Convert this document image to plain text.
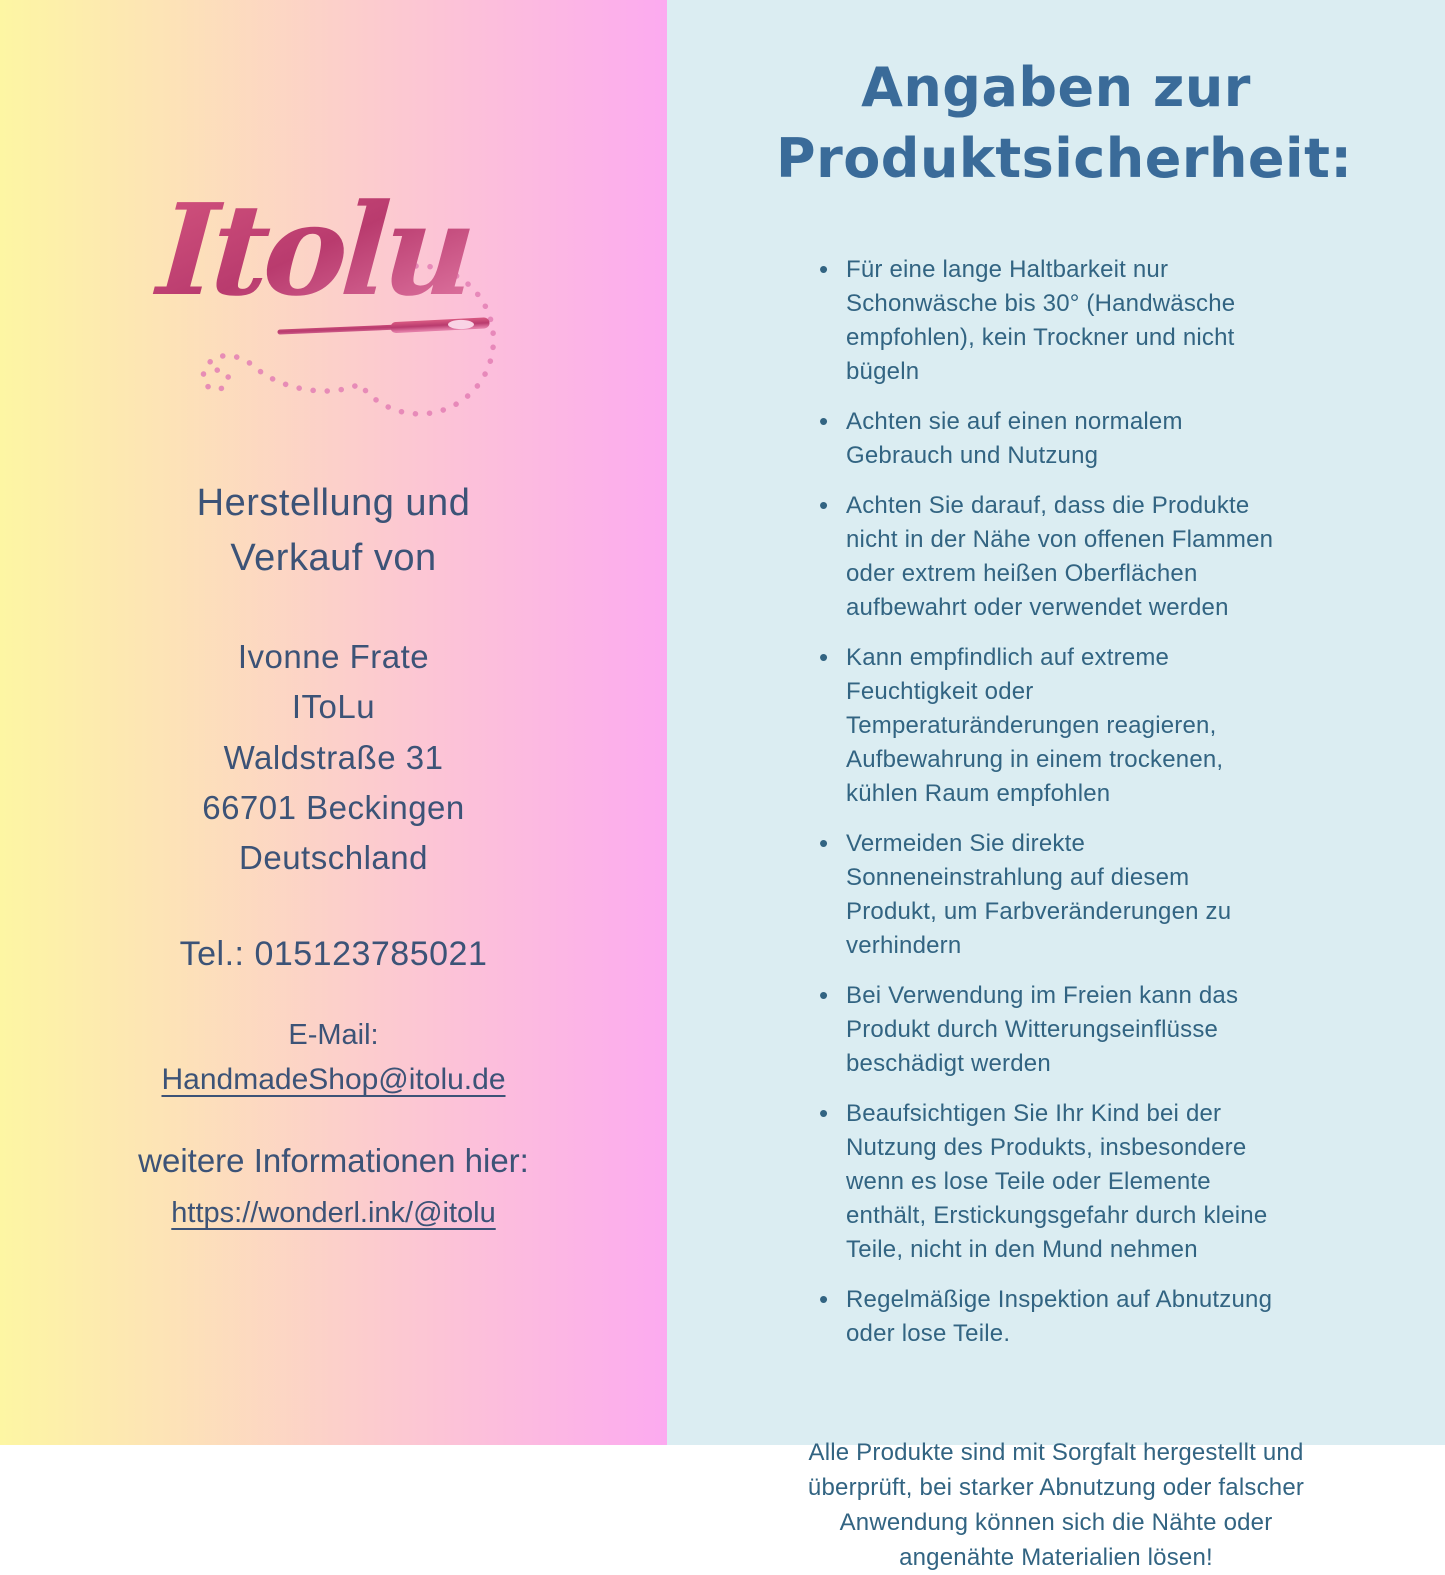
Itolu
Herstellung und Verkauf von

Ivonne Frate

IToLu

Waldstraße 31

66701 Beckingen

Deutschland

Tel.: 015123785021
E-Mail:
HandmadeShop@itolu.de
weitere Informationen hier:
https://wonderl.ink/@itolu
Angaben zur Produktsicherheit:
• Für eine lange Haltbarkeit nur Schonwäsche bis 30° (Handwäsche empfohlen), kein Trockner und nicht bügeln
• Achten sie auf einen normalem Gebrauch und Nutzung
• Achten Sie darauf, dass die Produkte nicht in der Nähe von offenen Flammen oder extrem heißen Oberflächen aufbewahrt oder verwendet werden
• Kann empfindlich auf extreme Feuchtigkeit oder Temperaturänderungen reagieren, Aufbewahrung in einem trockenen, kühlen Raum empfohlen
• Vermeiden Sie direkte Sonneneinstrahlung auf diesem Produkt, um Farbveränderungen zu verhindern
• Bei Verwendung im Freien kann das Produkt durch Witterungseinflüsse beschädigt werden
• Beaufsichtigen Sie Ihr Kind bei der Nutzung des Produkts, insbesondere wenn es lose Teile oder Elemente enthält, Erstickungsgefahr durch kleine Teile, nicht in den Mund nehmen
• Regelmäßige Inspektion auf Abnutzung oder lose Teile.
Alle Produkte sind mit Sorgfalt hergestellt und überprüft, bei starker Abnutzung oder falscher Anwendung können sich die Nähte oder angenähte Materialien lösen!
